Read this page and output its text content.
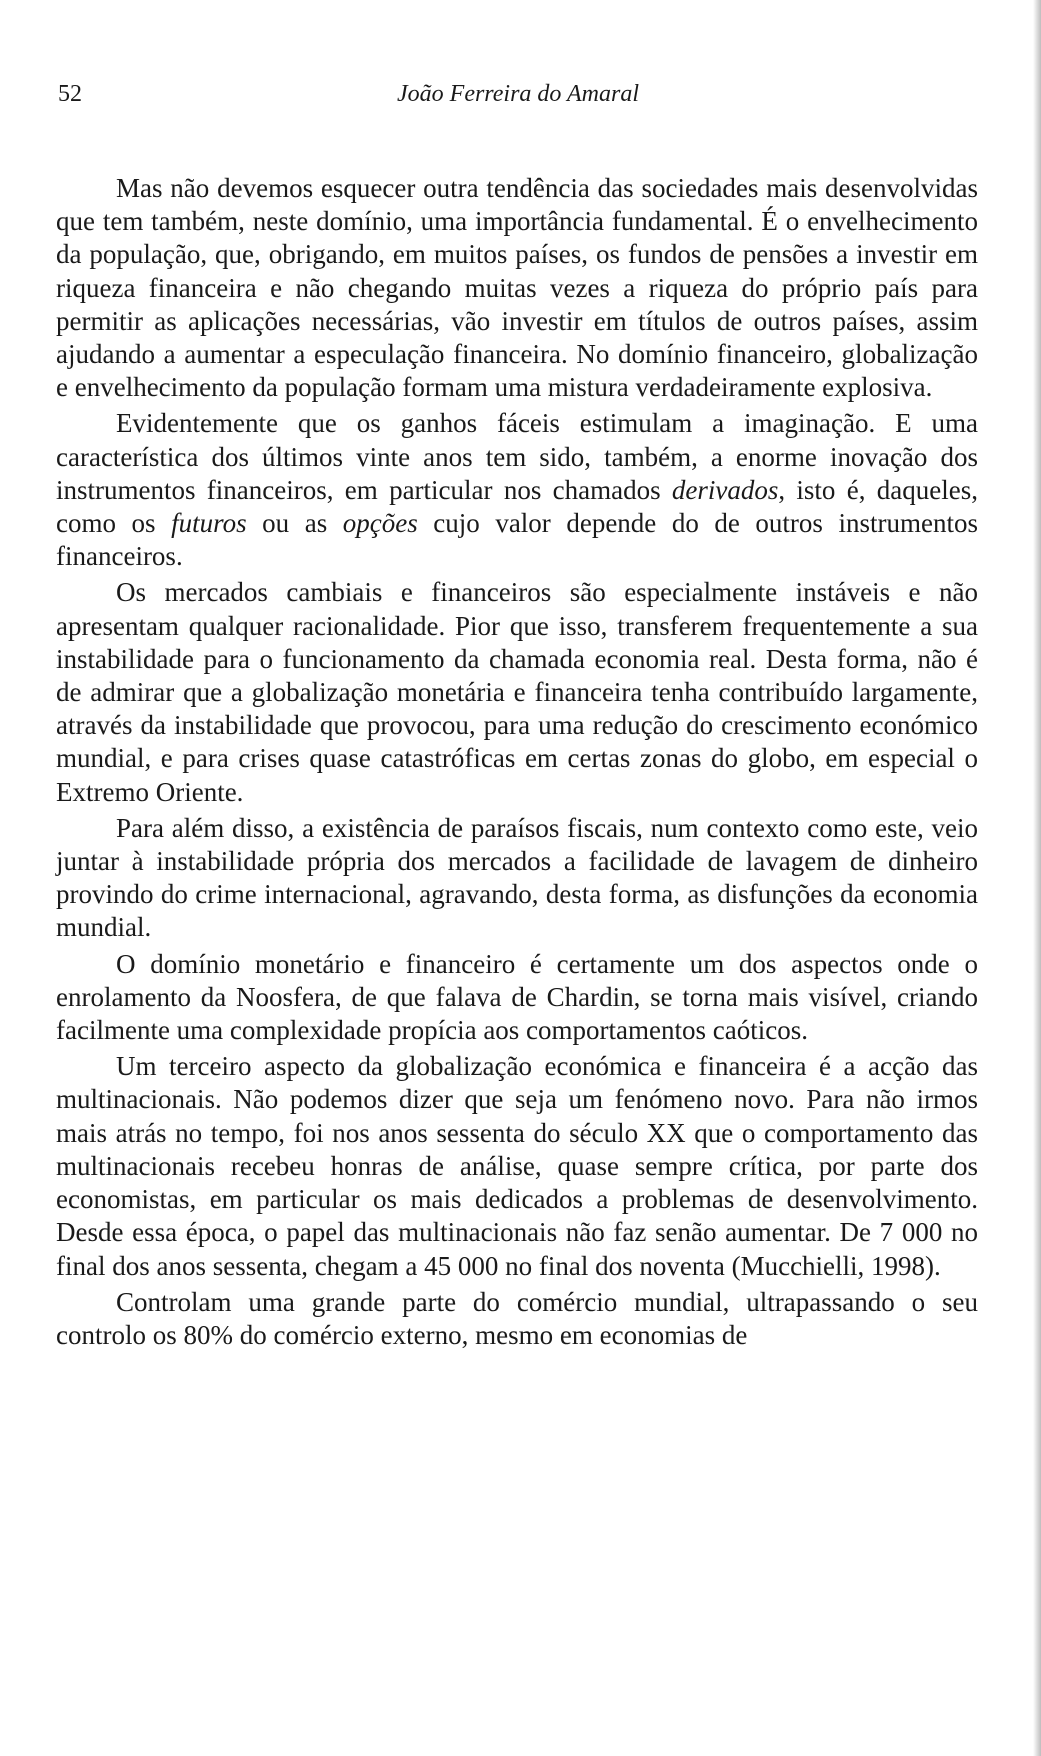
52	João Ferreira do Amaral

Mas não devemos esquecer outra tendência das sociedades mais desenvolvidas que tem também, neste domínio, uma importância fundamental. É o envelhecimento da população, que, obrigando, em muitos países, os fundos de pensões a investir em riqueza financeira e não chegando muitas vezes a riqueza do próprio país para permitir as aplicações necessárias, vão investir em títulos de outros países, assim ajudando a aumentar a especulação financeira. No domínio financeiro, globalização e envelhecimento da população formam uma mistura verdadeiramente explosiva.

Evidentemente que os ganhos fáceis estimulam a imaginação. E uma característica dos últimos vinte anos tem sido, também, a enorme inovação dos instrumentos financeiros, em particular nos chamados derivados, isto é, daqueles, como os futuros ou as opções cujo valor depende do de outros instrumentos financeiros.

Os mercados cambiais e financeiros são especialmente instáveis e não apresentam qualquer racionalidade. Pior que isso, transferem frequentemente a sua instabilidade para o funcionamento da chamada economia real. Desta forma, não é de admirar que a globalização monetária e financeira tenha contribuído largamente, através da instabilidade que provocou, para uma redução do crescimento económico mundial, e para crises quase catastróficas em certas zonas do globo, em especial o Extremo Oriente.

Para além disso, a existência de paraísos fiscais, num contexto como este, veio juntar à instabilidade própria dos mercados a facilidade de lavagem de dinheiro provindo do crime internacional, agravando, desta forma, as disfunções da economia mundial.

O domínio monetário e financeiro é certamente um dos aspectos onde o enrolamento da Noosfera, de que falava de Chardin, se torna mais visível, criando facilmente uma complexidade propícia aos comportamentos caóticos.

Um terceiro aspecto da globalização económica e financeira é a acção das multinacionais. Não podemos dizer que seja um fenómeno novo. Para não irmos mais atrás no tempo, foi nos anos sessenta do século XX que o comportamento das multinacionais recebeu honras de análise, quase sempre crítica, por parte dos economistas, em particular os mais dedicados a problemas de desenvolvimento. Desde essa época, o papel das multinacionais não faz senão aumentar. De 7 000 no final dos anos sessenta, chegam a 45 000 no final dos noventa (Mucchielli, 1998).

Controlam uma grande parte do comércio mundial, ultrapassando o seu controlo os 80% do comércio externo, mesmo em economias de
